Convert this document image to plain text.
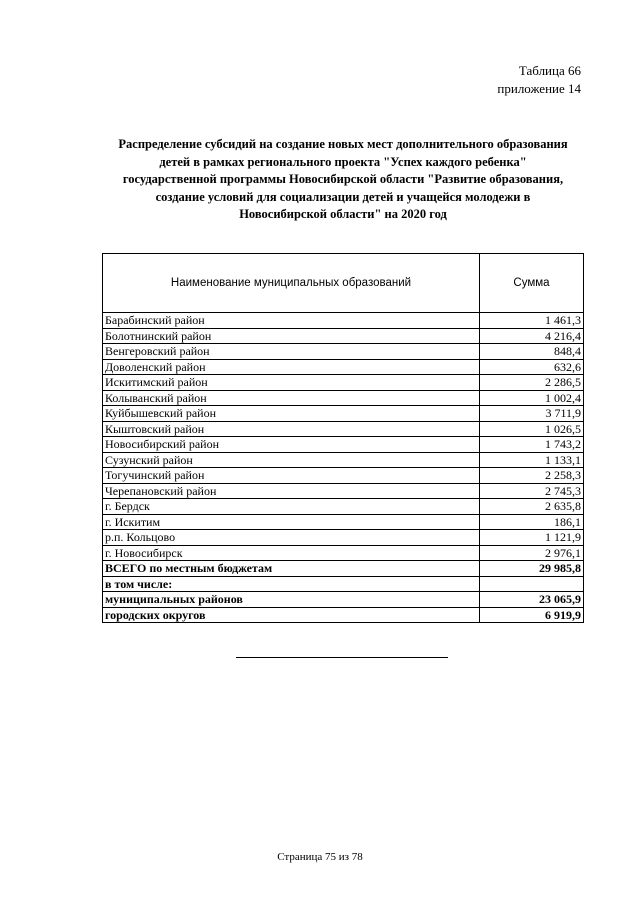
Таблица 66
приложение 14
Распределение субсидий на создание новых мест дополнительного образования
детей в рамках регионального проекта "Успех каждого ребенка"
государственной программы Новосибирской области "Развитие образования,
создание условий для социализации детей и учащейся молодежи в
Новосибирской области" на 2020 год
Наименование муниципальных образований	Сумма
Барабинский район	1 461,3
Болотнинский район	4 216,4
Венгеровский район	848,4
Доволенский район	632,6
Искитимский район	2 286,5
Колыванский район	1 002,4
Куйбышевский район	3 711,9
Кыштовский район	1 026,5
Новосибирский район	1 743,2
Сузунский район	1 133,1
Тогучинский район	2 258,3
Черепановский район	2 745,3
г. Бердск	2 635,8
г. Искитим	186,1
р.п. Кольцово	1 121,9
г. Новосибирск	2 976,1
ВСЕГО по местным бюджетам	29 985,8
в том числе:	
муниципальных районов	23 065,9
городских округов	6 919,9
Страница 75 из 78
